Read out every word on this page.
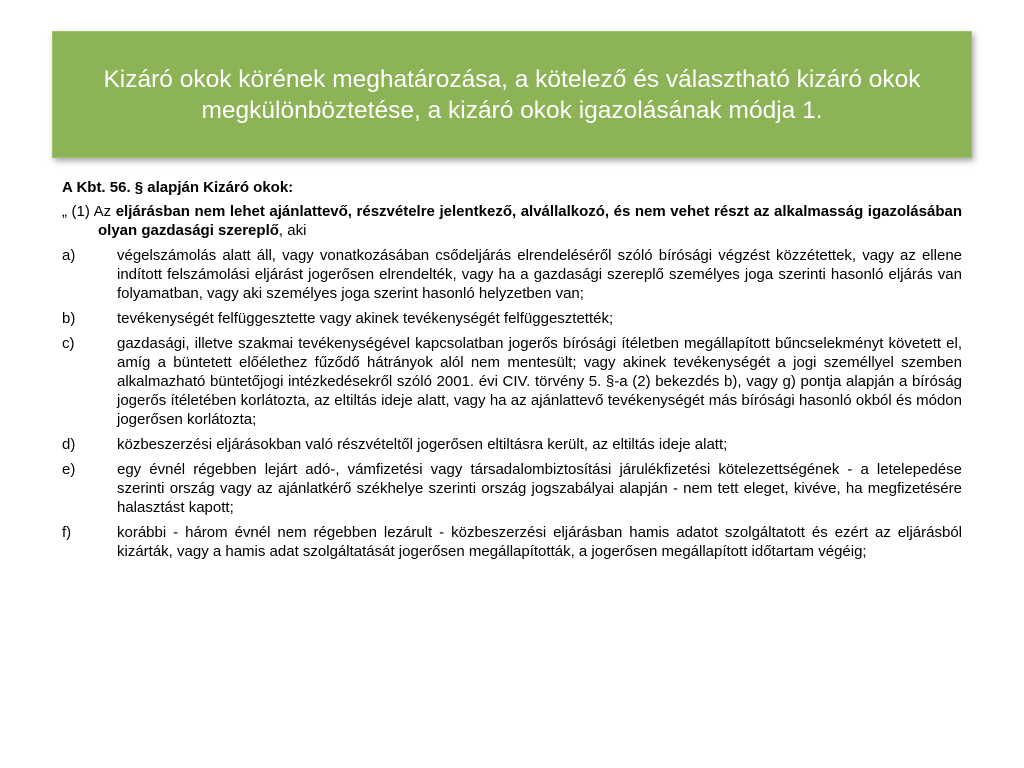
Kizáró okok körének meghatározása, a kötelező és választható kizáró okok megkülönböztetése, a kizáró okok igazolásának módja 1.
A Kbt. 56. § alapján Kizáró okok:
„ (1) Az eljárásban nem lehet ajánlattevő, részvételre jelentkező, alvállalkozó, és nem vehet részt az alkalmasság igazolásában olyan gazdasági szereplő, aki
a)	végelszámolás alatt áll, vagy vonatkozásában csődeljárás elrendeléséről szóló bírósági végzést közzétettek, vagy az ellene indított felszámolási eljárást jogerősen elrendelték, vagy ha a gazdasági szereplő személyes joga szerinti hasonló eljárás van folyamatban, vagy aki személyes joga szerint hasonló helyzetben van;
b)	tevékenységét felfüggesztette vagy akinek tevékenységét felfüggesztették;
c)	gazdasági, illetve szakmai tevékenységével kapcsolatban jogerős bírósági ítéletben megállapított bűncselekményt követett el, amíg a büntetett előélethez fűződő hátrányok alól nem mentesült; vagy akinek tevékenységét a jogi személlyel szemben alkalmazható büntetőjogi intézkedésekről szóló 2001. évi CIV. törvény 5. §-a (2) bekezdés b), vagy g) pontja alapján a bíróság jogerős ítéletében korlátozta, az eltiltás ideje alatt, vagy ha az ajánlattevő tevékenységét más bírósági hasonló okból és módon jogerősen korlátozta;
d)	közbeszerzési eljárásokban való részvételtől jogerősen eltiltásra került, az eltiltás ideje alatt;
e)	egy évnél régebben lejárt adó-, vámfizetési vagy társadalombiztosítási járulékfizetési kötelezettségének - a letelepedése szerinti ország vagy az ajánlatkérő székhelye szerinti ország jogszabályai alapján - nem tett eleget, kivéve, ha megfizetésére halasztást kapott;
f)	korábbi - három évnél nem régebben lezárult - közbeszerzési eljárásban hamis adatot szolgáltatott és ezért az eljárásból kizárták, vagy a hamis adat szolgáltatását jogerősen megállapították, a jogerősen megállapított időtartam végéig;
